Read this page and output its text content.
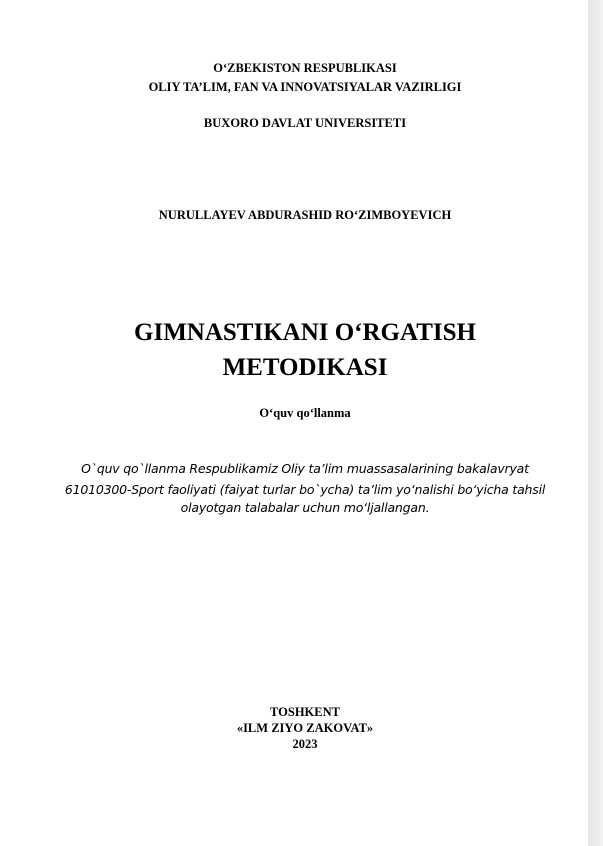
O‘ZBEKISTON RESPUBLIKASI
OLIY TA’LIM, FAN VA INNOVATSIYALAR VAZIRLIGI
BUXORO DAVLAT UNIVERSITETI
NURULLAYEV ABDURASHID RO‘ZIMBOYEVICH
GIMNASTIKANI O‘RGATISH
METODIKASI
O‘quv qo‘llanma
O`quv qo`llanma Respublikamiz Oliy ta’lim muassasalarining bakalavryat
61010300-Sport faoliyati (faiyat turlar bo`ycha) ta’lim yo‘nalishi bo‘yicha tahsil
olayotgan talabalar uchun mo‘ljallangan.
TOSHKENT
«ILM ZIYO ZAKOVAT»
2023
